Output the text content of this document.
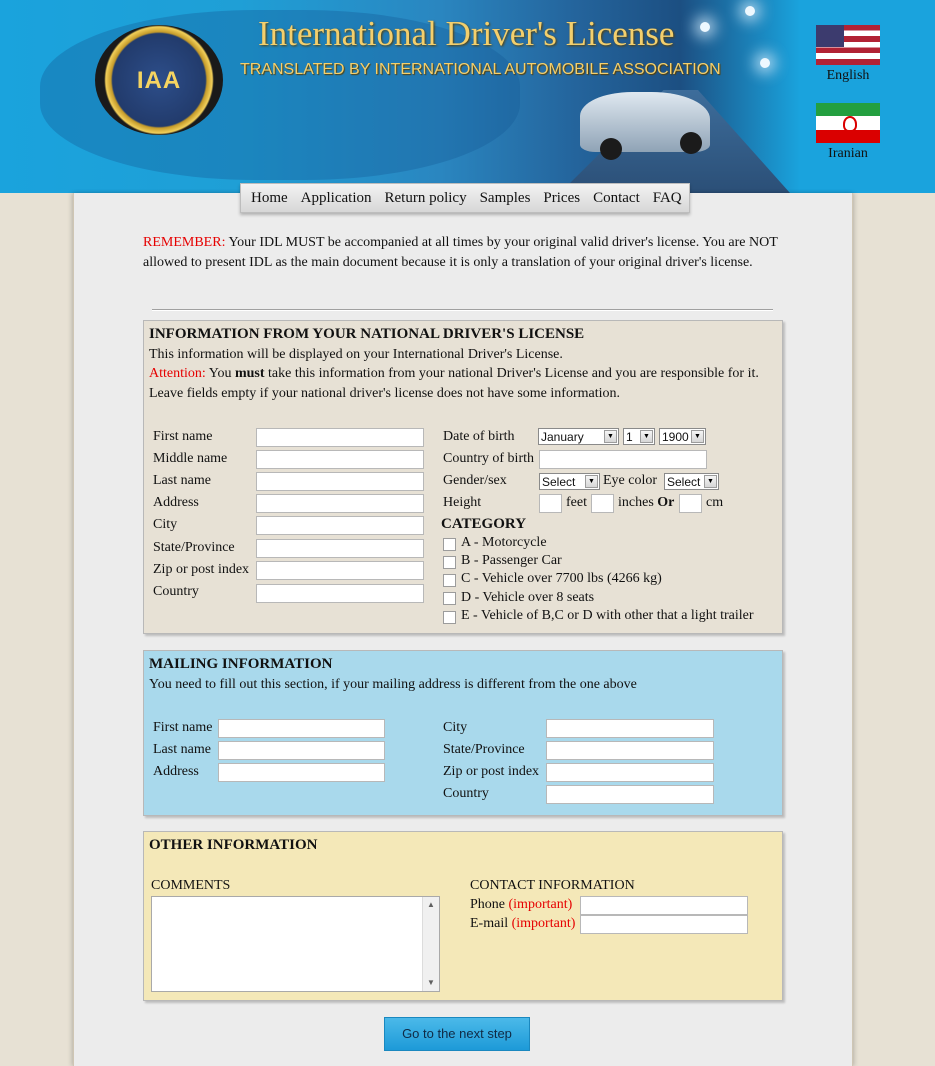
IAA
International Driver's License
TRANSLATED BY INTERNATIONAL AUTOMOBILE ASSOCIATION	English
Iranian
Home Application Return policy Samples Prices Contact FAQ
REMEMBER: Your IDL MUST be accompanied at all times by your original valid driver's license. You are NOT allowed to present IDL as the main document because it is only a translation of your original driver's license.
INFORMATION FROM YOUR NATIONAL DRIVER'S LICENSE
This information will be displayed on your International Driver's License.
Attention: You must take this information from your national Driver's License and you are responsible for it.
Leave fields empty if your national driver's license does not have some information.
First name
Middle name
Last name
Address
City
State/Province
Zip or post index
Country
Date of birth January	▼ 1	▼ 1900 ▼
Country of birth
Gender/sex	Select	▼ Eye color Select ▼
Height	feet inches Or cm
CATEGORY
A - Motorcycle
B - Passenger Car
C - Vehicle over 7700 lbs (4266 kg)
D - Vehicle over 8 seats
E - Vehicle of B,C or D with other that a light trailer
MAILING INFORMATION
You need to fill out this section, if your mailing address is different from the one above
First name
Last name
Address
City
State/Province
Zip or post index
Country
OTHER INFORMATION
COMMENTS
▲
▼
CONTACT INFORMATION
Phone (important)
E-mail (important)
Go to the next step
